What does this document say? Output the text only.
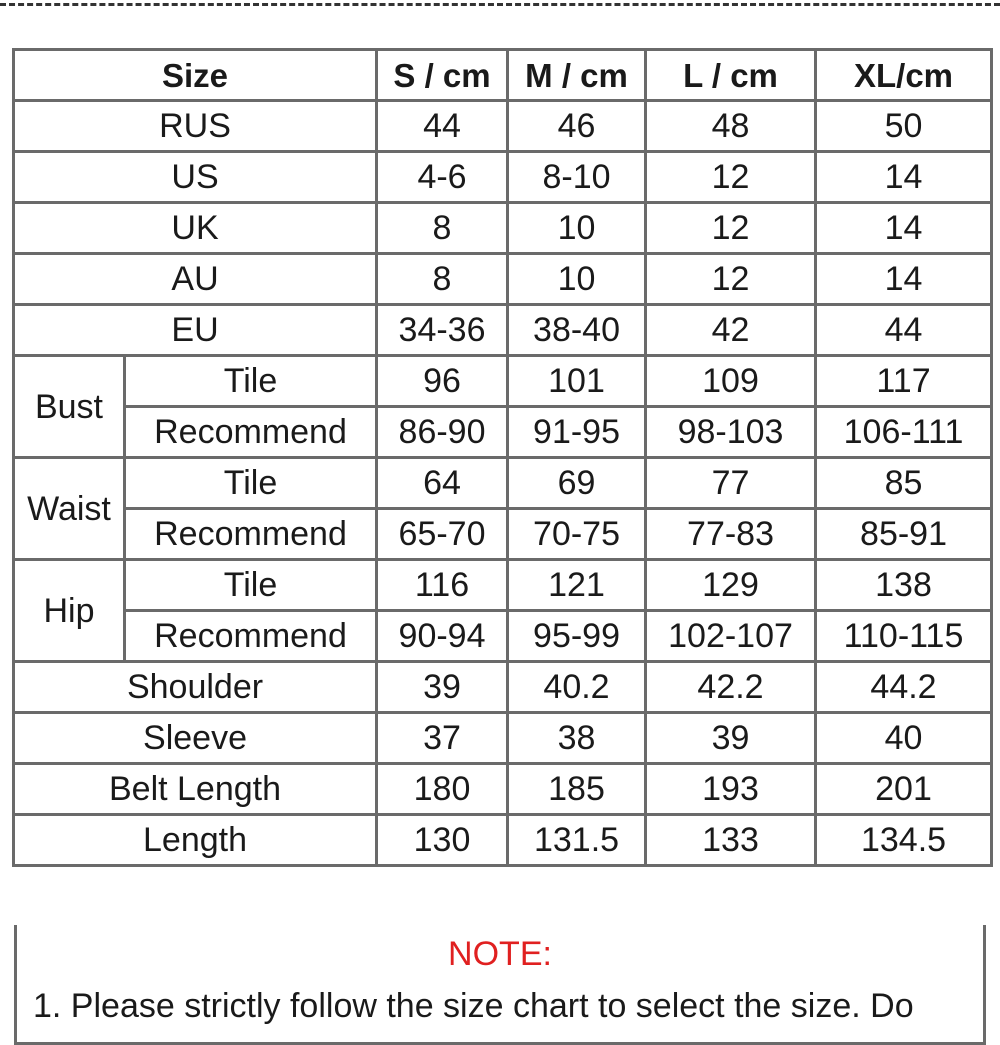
Size		S / cm	M / cm	L / cm	XL/cm
RUS		44	46	48	50
US		4-6	8-10	12	14
UK		8	10	12	14
AU		8	10	12	14
EU		34-36	38-40	42	44
Bust	Tile	96	101	109	117
	Recommend	86-90	91-95	98-103	106-111
Waist	Tile	64	69	77	85
	Recommend	65-70	70-75	77-83	85-91
Hip	Tile	116	121	129	138
	Recommend	90-94	95-99	102-107	110-115
Shoulder		39	40.2	42.2	44.2
Sleeve		37	38	39	40
Belt Length		180	185	193	201
Length		130	131.5	133	134.5
NOTE:
1. Please strictly follow the size chart to select the size. Do
